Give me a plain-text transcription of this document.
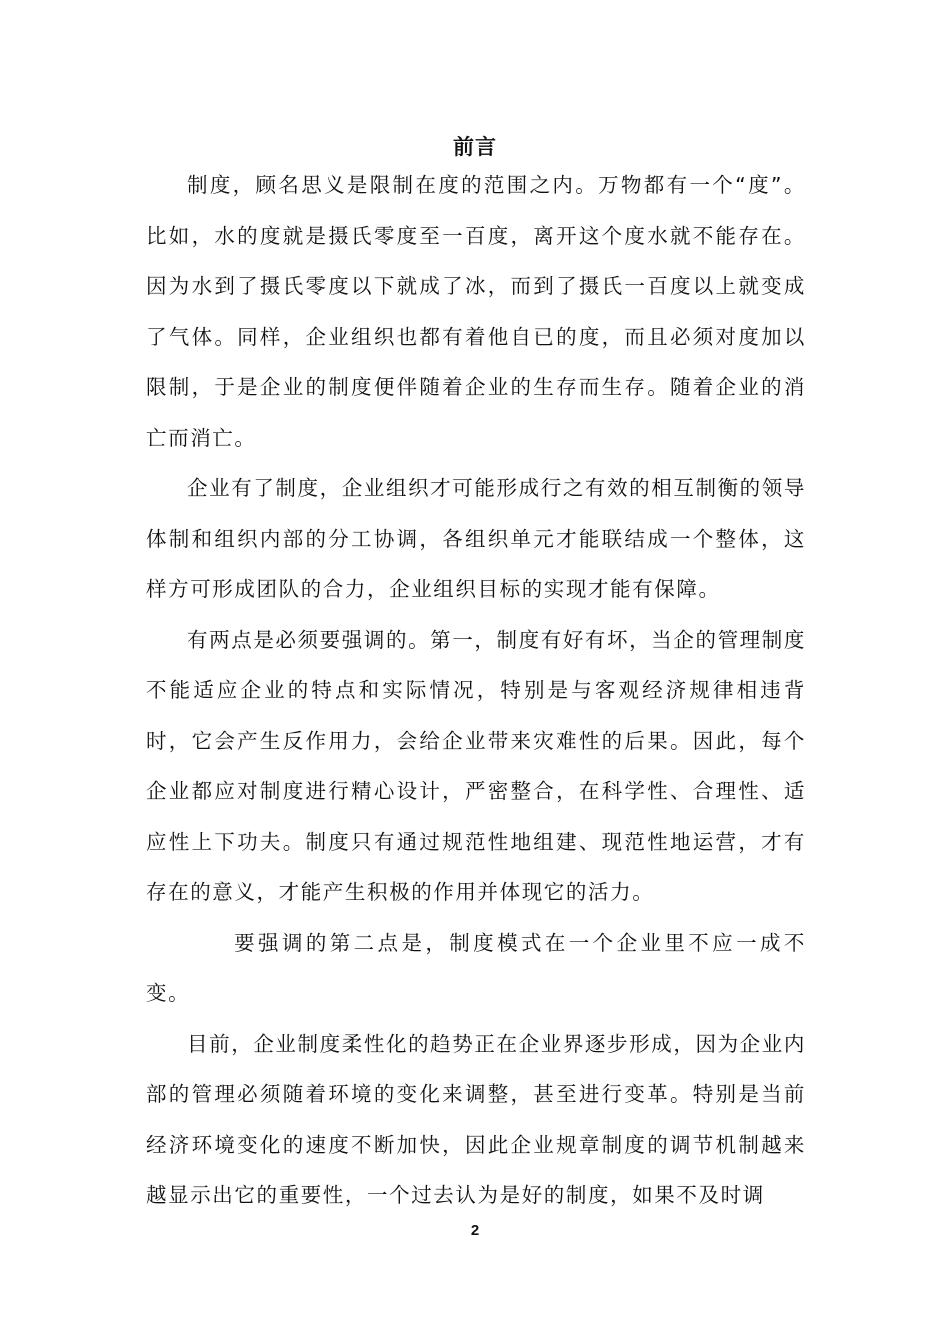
前言

制度，顾名思义是限制在度的范围之内。万物都有一个“度”。比如，水的度就是摄氏零度至一百度，离开这个度水就不能存在。因为水到了摄氏零度以下就成了冰，而到了摄氏一百度以上就变成了气体。同样，企业组织也都有着他自已的度，而且必须对度加以限制，于是企业的制度便伴随着企业的生存而生存。随着企业的消亡而消亡。

企业有了制度，企业组织才可能形成行之有效的相互制衡的领导体制和组织内部的分工协调，各组织单元才能联结成一个整体，这样方可形成团队的合力，企业组织目标的实现才能有保障。

有两点是必须要强调的。第一，制度有好有坏，当企的管理制度不能适应企业的特点和实际情况，特别是与客观经济规律相违背时，它会产生反作用力，会给企业带来灾难性的后果。因此，每个企业都应对制度进行精心设计，严密整合，在科学性、合理性、适应性上下功夫。制度只有通过规范性地组建、现范性地运营，才有存在的意义，才能产生积极的作用并体现它的活力。

要强调的第二点是，制度模式在一个企业里不应一成不变。

目前，企业制度柔性化的趋势正在企业界逐步形成，因为企业内部的管理必须随着环境的变化来调整，甚至进行变革。特别是当前经济环境变化的速度不断加快，因此企业规章制度的调节机制越来越显示出它的重要性，一个过去认为是好的制度，如果不及时调

2
